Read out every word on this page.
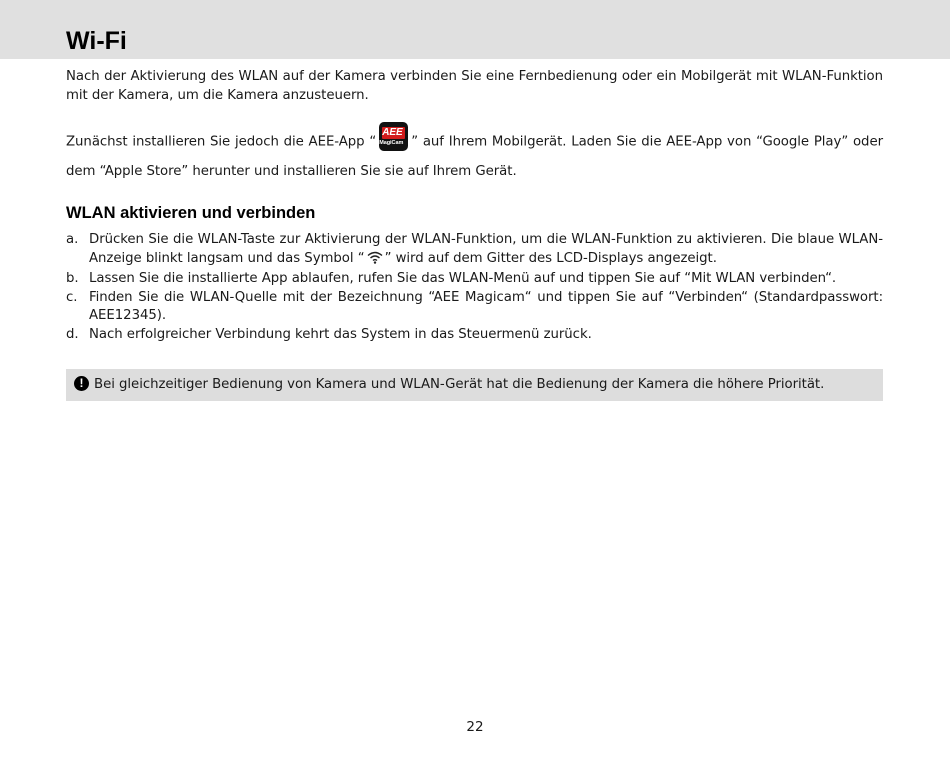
Wi-Fi

Nach der Aktivierung des WLAN auf der Kamera verbinden Sie eine Fernbedienung oder ein Mobilgerät mit WLAN-Funktion mit der Kamera, um die Kamera anzusteuern.

Zunächst installieren Sie jedoch die AEE-App “
AEE
MagiCam ” auf Ihrem Mobilgerät. Laden Sie die AEE-App von “Google Play” oder dem “Apple Store” herunter und installieren Sie sie auf Ihrem Gerät.

WLAN aktivieren und verbinden
a. Drücken Sie die WLAN-Taste zur Aktivierung der WLAN-Funktion, um die WLAN-Funktion zu aktivieren. Die blaue WLAN-Anzeige blinkt langsam und das Symbol “ ” wird auf dem Gitter des LCD-Displays angezeigt.
b. Lassen Sie die installierte App ablaufen, rufen Sie das WLAN-Menü auf und tippen Sie auf “Mit WLAN verbinden“.
c. Finden Sie die WLAN-Quelle mit der Bezeichnung “AEE Magicam“ und tippen Sie auf “Verbinden“ (Standardpasswort: AEE12345).
d. Nach erfolgreicher Verbindung kehrt das System in das Steuermenü zurück.
! Bei gleichzeitiger Bedienung von Kamera und WLAN-Gerät hat die Bedienung der Kamera die höhere Priorität.
22
